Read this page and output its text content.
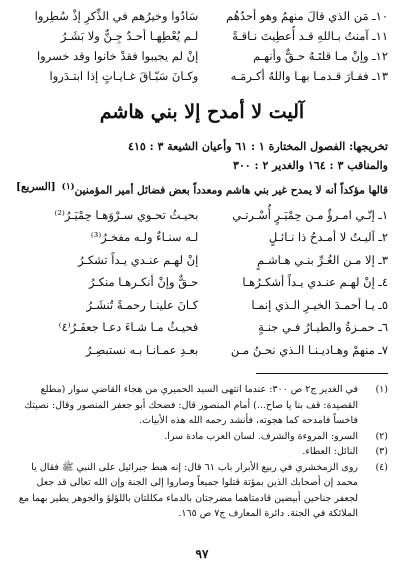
١٠ـ مَن الذي قالَ منهمُ وهو أحدُهُم
سَادُوا وخيرُهم في الذِّكرِ إذْ سُطِروا
١١ـ آمنتُ بـاللهِ قـد أُعطِيتَ نـاقـةً
لـم يُعْطِهـا أحـدٌ جِـنٌّ ولا بَشَـرُ
١٢ـ وإنْ مـا قلتَـهُ حـقٌّ وأنهـم
إنْ لم يجيبوا فقدْ خانوا وقد خسروا
١٣ـ ففـارَ قـدمـا بهـا واللهُ أكـرمَـه
وكـانَ سَبّـاقَ غـايـاتٍ إذا ابتـدَروا
آليت لا أمدح إلا بني هاشم
تخريجها: الفصول المختارة ١ : ٦١ وأعيان الشيعة ٣ : ٤١٥
والمناقب ٣ : ١٦٤ والغدير ٢ : ٣٠٠
قالها مؤكداً أنه لا يمدح غير بني هاشم ومعدداً بعض فضائل أمير المؤمنين$^{(١)}$
[السريع]
١ـ إنّـي امـرؤٌ مـن حِمْيَـرٍ أُسْـرتـي
بحيـثُ تحـوي سـرْوَهـا حِمْيَـرُ⁽²⁾
٢ـ آليـتُ لا أمـدحُ ذا نـائـلٍ
لـه سنـاءٌ ولـه مفخـرُ⁽³⁾
٣ـ إلا مـن الغُـرِّ بنـي هـاشـمٍ
إنْ لهـم عنـدي يـداً تشكـرُ
٤ـ إنْ لهـم عنـدي يـداً أشكـرُهـا
حـقٌّ وإنْ أنكـرهـا منكـرُ
٥ـ يـا أحمـدَ الخيـرِ الـذي إنمـا
كـانَ علينـا رحمـةً تُنشَـرُ
٦ـ حمـزةُ والطيـارُ فـي جنـةٍ
فحيـثُ مـا شـاءَ دعـا جعفَـرُ⁽٤⁾
٧ـ منهمْ وهـاديـنـا الـذي نحـنُ مـن
بعـدِ عمـانـا بـه نستبصِـرُ
(١)
في الغدير ج٢ ص ٣٠٠: عندما انتهى السيد الحميري من هجاء القاضي سوار (مطلع القصيدة: قف بنا يا صاح...) أمام المنصور قال: فضحك أبو جعفر المنصور وقال: نصيتك فاخساً فامدحه كما هجوته، فأنشد رحمه الله هذه الأبيات.
(٢)
السرو: المروءة والشرف. لسان العرب مادة سرا.
(٣)
النائل: العطاء.
(٤)
روى الزمخشري في ربيع الأبرار باب ٦١ قال: إنه هبط جبرائيل على النبي ﷺ فقال يا محمد إن أصحابك الذين بمؤتة قتلوا جميعاً وصاروا إلى الجنة وإن الله تعالى قد جعل لجعفر جناحين أبيضين قادمتاهما مضرجتان بالدماء مكللتان باللؤلؤ والجوهر يطير بهما مع الملائكة في الجنة. دائرة المعارف ج٧ ص ١٦٥.
٩٧
